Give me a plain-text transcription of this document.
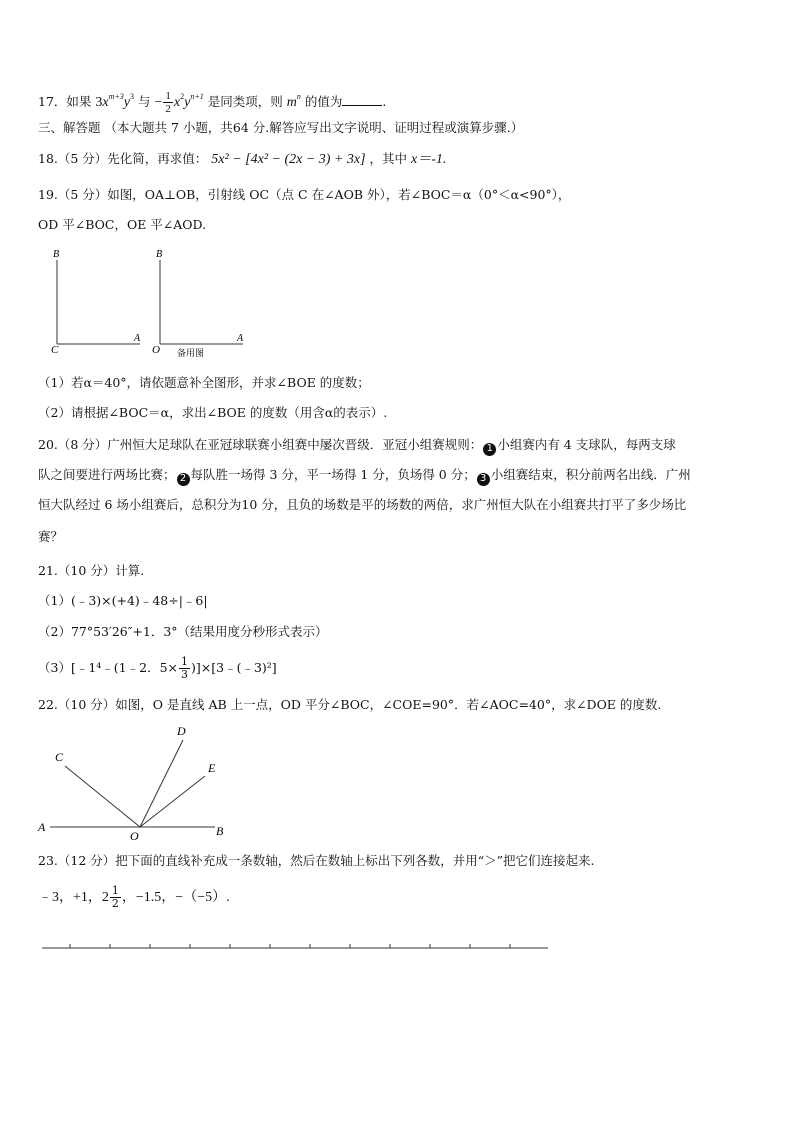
17．如果 $3x^{m+3}y^3$ 与 − $\frac{1}{2} x^2y^{n+1}$ 是同类项，则 $m^n$ 的值为	.
三、解答题 （本大题共 7 小题，共64 分.解答应写出文字说明、证明过程或演算步骤.）
18.（5 分）先化简，再求值： 5x² − [4x² − (2x − 3) + 3x] ，其中 x＝-1.
19.（5 分）如图，OA⊥OB，引射线 OC（点 C 在∠AOB 外），若∠BOC＝α（0°＜α<90°），
OD 平∠BOC，OE 平∠AOD.
B
C
A
B
O
A
备用图
（1）若α＝40°，请依题意补全图形，并求∠BOE 的度数；
（2）请根据∠BOC＝α，求出∠BOE 的度数（用含α的表示）.
20.（8 分）广州恒大足球队在亚冠球联赛小组赛中屡次晋级．亚冠小组赛规则： 1 小组赛内有 4 支球队，每两支球
队之间要进行两场比赛； 2 每队胜一场得 3 分，平一场得 1 分，负场得 0 分； 3 小组赛结束，积分前两名出线．广州
恒大队经过 6 场小组赛后，总积分为10 分，且负的场数是平的场数的两倍，求广州恒大队在小组赛共打平了多少场比
赛？
21.（10 分）计算.
（1）(﹣3)×(+4)﹣48÷|﹣6|
（2）77°53′26″+1．3°（结果用度分秒形式表示）
（3）[﹣1⁴﹣(1﹣2．$5\times \frac{1}{3}$ )]×[3﹣(﹣3)²]
22.（10 分）如图，O 是直线 AB 上一点，OD 平分∠BOC，∠COE=90°．若∠AOC=40°，求∠DOE 的度数.
A	B
C
D
E
O
23.（12 分）把下面的直线补充成一条数轴，然后在数轴上标出下列各数，并用“＞”把它们连接起来.
﹣3，+1，$2 \frac{1}{2}$ ，−1.5，−（−5）.
